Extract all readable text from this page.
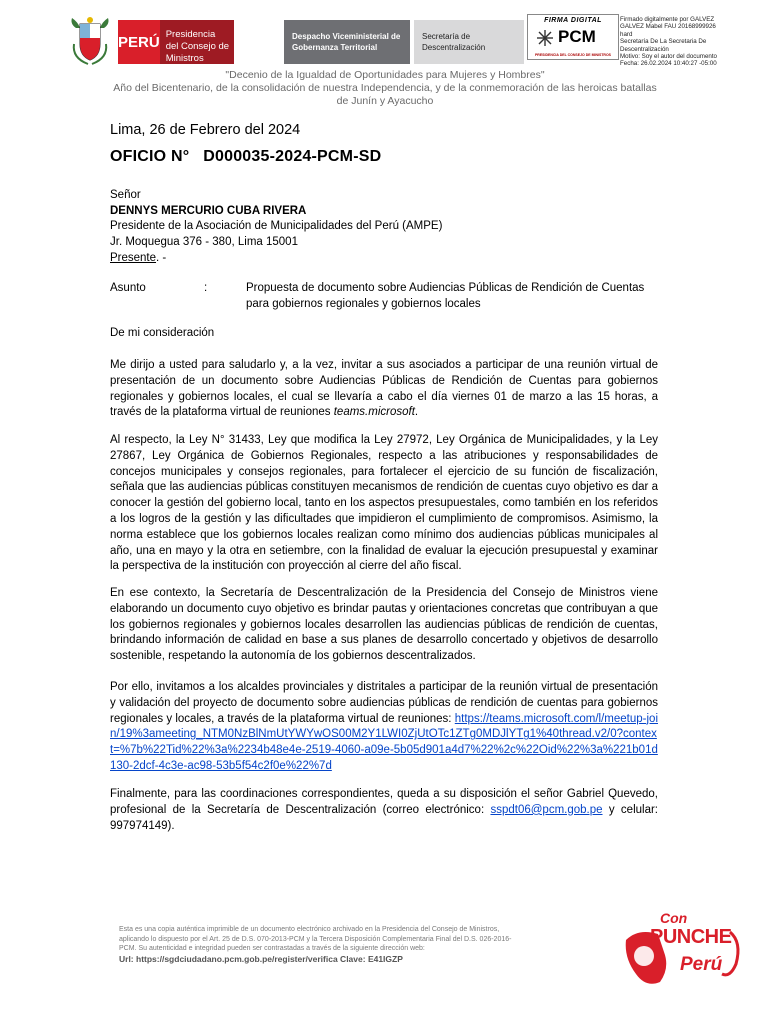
PERÚ Presidencia
del Consejo de Ministros
Despacho Viceministerial de
Gobernanza Territorial
Secretaría de
Descentralización
FIRMA DIGITAL
PCM
PRESIDENCIA DEL CONSEJO DE MINISTROS
Firmado digitalmente por GALVEZ
GALVEZ Mabel FAU 20168999926
hard
Secretaría De La Secretaria De
Descentralización
Motivo: Soy el autor del documento
Fecha: 26.02.2024 10:40:27 -05:00
"Decenio de la Igualdad de Oportunidades para Mujeres y Hombres"
Año del Bicentenario, de la consolidación de nuestra Independencia, y de la conmemoración de las heroicas batallas
de Junín y Ayacucho
Lima, 26 de Febrero del 2024
OFICIO N°   D000035-2024-PCM-SD
Señor
DENNYS MERCURIO CUBA RIVERA
Presidente de la Asociación de Municipalidades del Perú (AMPE)
Jr. Moquegua 376 - 380, Lima 15001
Presente. -
Asunto	:	Propuesta de documento sobre Audiencias Públicas de Rendición de Cuentas para gobiernos regionales y gobiernos locales
De mi consideración
Me dirijo a usted para saludarlo y, a la vez, invitar a sus asociados a participar de una reunión virtual de presentación de un documento sobre Audiencias Públicas de Rendición de Cuentas para gobiernos regionales y gobiernos locales, el cual se llevaría a cabo el día viernes 01 de marzo a las 15 horas, a través de la plataforma virtual de reuniones teams.microsoft.
Al respecto, la Ley N° 31433, Ley que modifica la Ley 27972, Ley Orgánica de Municipalidades, y la Ley 27867, Ley Orgánica de Gobiernos Regionales, respecto a las atribuciones y responsabilidades de concejos municipales y consejos regionales, para fortalecer el ejercicio de su función de fiscalización, señala que las audiencias públicas constituyen mecanismos de rendición de cuentas cuyo objetivo es dar a conocer la gestión del gobierno local, tanto en los aspectos presupuestales, como también en los referidos a los logros de la gestión y las dificultades que impidieron el cumplimiento de compromisos. Asimismo, la norma establece que los gobiernos locales realizan como mínimo dos audiencias públicas municipales al año, una en mayo y la otra en setiembre, con la finalidad de evaluar la ejecución presupuestal y examinar la perspectiva de la institución con proyección al cierre del año fiscal.
En ese contexto, la Secretaría de Descentralización de la Presidencia del Consejo de Ministros viene elaborando un documento cuyo objetivo es brindar pautas y orientaciones concretas que contribuyan a que los gobiernos regionales y gobiernos locales desarrollen las audiencias públicas de rendición de cuentas, brindando información de calidad en base a sus planes de desarrollo concertado y objetivos de desarrollo sostenible, respetando la autonomía de los gobiernos descentralizados.
Por ello, invitamos a los alcaldes provinciales y distritales a participar de la reunión virtual de presentación y validación del proyecto de documento sobre audiencias públicas de rendición de cuentas para gobiernos regionales y locales, a través de la plataforma virtual de reuniones: https://teams.microsoft.com/l/meetup-join/19%3ameeting_NTM0NzBlNmUtYWYwOS00M2Y1LWI0ZjUtOTc1ZTg0MDJlYTg1%40thread.v2/0?context=%7b%22Tid%22%3a%2234b48e4e-2519-4060-a09e-5b05d901a4d7%22%2c%22Oid%22%3a%221b01d130-2dcf-4c3e-ac98-53b5f54c2f0e%22%7d
Finalmente, para las coordinaciones correspondientes, queda a su disposición el señor Gabriel Quevedo, profesional de la Secretaría de Descentralización (correo electrónico: sspdt06@pcm.gob.pe y celular: 997974149).
Esta es una copia auténtica imprimible de un documento electrónico archivado en la Presidencia del Consejo de Ministros,
aplicando lo dispuesto por el Art. 25 de D.S. 070-2013-PCM y la Tercera Disposición Complementaria Final del D.S. 026-2016-
PCM. Su autenticidad e integridad pueden ser contrastadas a través de la siguiente dirección web:
Url: https://sgdciudadano.pcm.gob.pe/register/verifica Clave: E41IGZP
Con
PUNCHE
Perú
